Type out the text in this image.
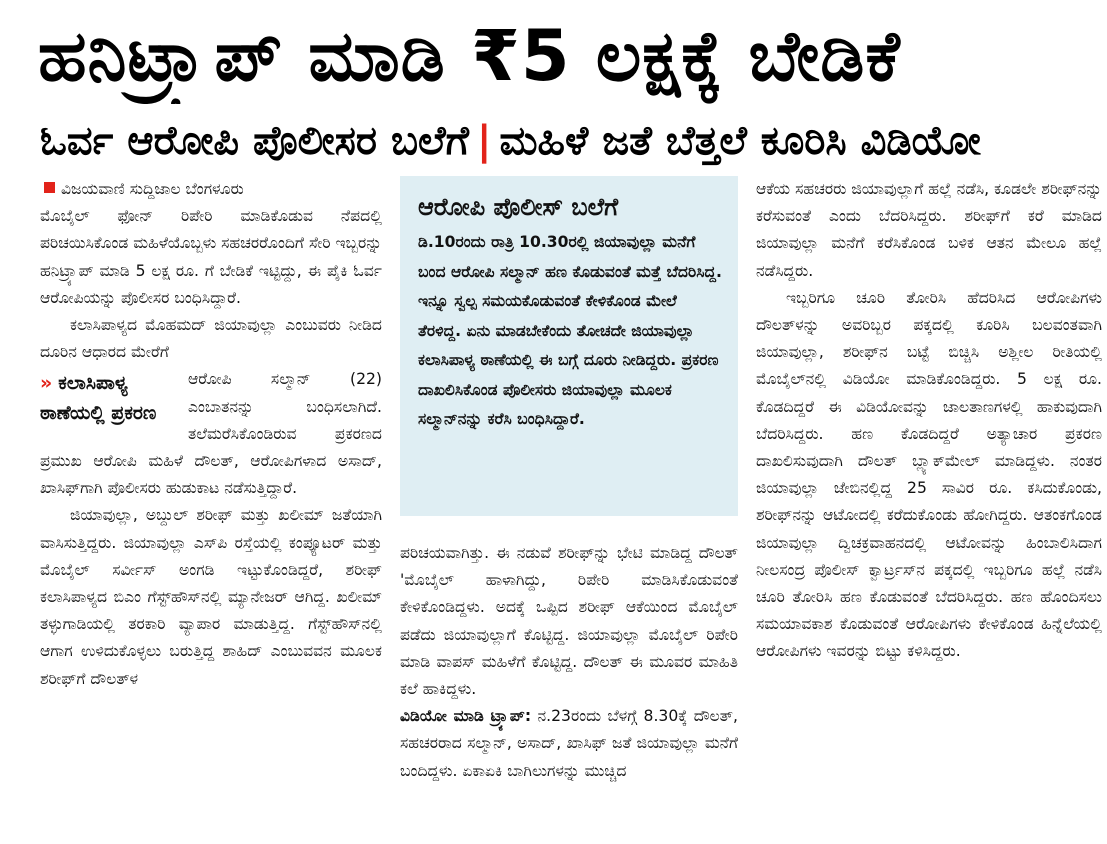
ಹನಿಟ್ರ್ಯಾಪ್ ಮಾಡಿ ₹5 ಲಕ್ಷಕ್ಕೆ ಬೇಡಿಕೆ
ಓರ್ವ ಆರೋಪಿ ಪೊಲೀಸರ ಬಲೆಗೆ | ಮಹಿಳೆ ಜತೆ ಬೆತ್ತಲೆ ಕೂರಿಸಿ ವಿಡಿಯೋ

ವಿಜಯವಾಣಿ ಸುದ್ದಿಜಾಲ ಬೆಂಗಳೂರು

ಮೊಬೈಲ್ ಫೋನ್ ರಿಪೇರಿ ಮಾಡಿಕೊಡುವ ನೆಪದಲ್ಲಿ ಪರಿಚಯಿಸಿಕೊಂಡ ಮಹಿಳೆಯೊಬ್ಬಳು ಸಹಚರರೊಂದಿಗೆ ಸೇರಿ ಇಬ್ಬರನ್ನು ಹನಿಟ್ರ್ಯಾಪ್ ಮಾಡಿ 5 ಲಕ್ಷ ರೂ. ಗೆ ಬೇಡಿಕೆ ಇಟ್ಟಿದ್ದು, ಈ ಪೈಕಿ ಓರ್ವ ಆರೋಪಿಯನ್ನು ಪೊಲೀಸರ ಬಂಧಿಸಿದ್ದಾರೆ.

ಕಲಾಸಿಪಾಳ್ಯದ ಮೊಹಮದ್ ಜಿಯಾವುಲ್ಲಾ ಎಂಬುವರು ನೀಡಿದ ದೂರಿನ ಆಧಾರದ ಮೇರೆಗೆ

» ಕಲಾಸಿಪಾಳ್ಯ ಠಾಣೆಯಲ್ಲಿ ಪ್ರಕರಣ

ಆರೋಪಿ ಸಲ್ಮಾನ್ (22) ಎಂಬಾತನನ್ನು ಬಂಧಿಸಲಾಗಿದೆ. ತಲೆಮರೆಸಿಕೊಂಡಿರುವ ಪ್ರಕರಣದ ಪ್ರಮುಖ ಆರೋಪಿ ಮಹಿಳೆ ದೌಲತ್, ಆರೋಪಿಗಳಾದ ಅಸಾದ್, ಖಾಸಿಫ್‌ಗಾಗಿ ಪೊಲೀಸರು ಹುಡುಕಾಟ ನಡೆಸುತ್ತಿದ್ದಾರೆ.

ಜಿಯಾವುಲ್ಲಾ, ಅಬ್ದುಲ್ ಶರೀಫ್ ಮತ್ತು ಖಲೀಮ್ ಜತೆಯಾಗಿ ವಾಸಿಸುತ್ತಿದ್ದರು. ಜಿಯಾವುಲ್ಲಾ ಎಸ್‌ಪಿ ರಸ್ತೆಯಲ್ಲಿ ಕಂಪ್ಯೂಟರ್ ಮತ್ತು ಮೊಬೈಲ್ ಸರ್ವೀಸ್ ಅಂಗಡಿ ಇಟ್ಟುಕೊಂಡಿದ್ದರೆ, ಶರೀಫ್ ಕಲಾಸಿಪಾಳ್ಯದ ಬಿಎಂ ಗೆಸ್ಟ್‌ಹೌಸ್‌ನಲ್ಲಿ ಮ್ಯಾನೇಜರ್ ಆಗಿದ್ದ. ಖಲೀಮ್ ತಳ್ಳುಗಾಡಿಯಲ್ಲಿ ತರಕಾರಿ ವ್ಯಾಪಾರ ಮಾಡುತ್ತಿದ್ದ. ಗೆಸ್ಟ್‌ಹೌಸ್‌ನಲ್ಲಿ ಆಗಾಗ ಉಳಿದುಕೊಳ್ಳಲು ಬರುತ್ತಿದ್ದ ಶಾಹಿದ್ ಎಂಬುವವನ ಮೂಲಕ ಶರೀಫ್‌ಗೆ ದೌಲತ್‌ಳ

ಆರೋಪಿ ಪೊಲೀಸ್ ಬಲೆಗೆ
ಡಿ.10ರಂದು ರಾತ್ರಿ 10.30ರಲ್ಲಿ ಜಿಯಾವುಲ್ಲಾ ಮನೆಗೆ ಬಂದ ಆರೋಪಿ ಸಲ್ಮಾನ್ ಹಣ ಕೊಡುವಂತೆ ಮತ್ತೆ ಬೆದರಿಸಿದ್ದ. ಇನ್ನೂ ಸ್ವಲ್ಪ ಸಮಯಕೊಡುವಂತೆ ಕೇಳಿಕೊಂಡ ಮೇಲೆ ತೆರಳಿದ್ದ. ಏನು ಮಾಡಬೇಕೆಂದು ತೋಚದೇ ಜಿಯಾವುಲ್ಲಾ ಕಲಾಸಿಪಾಳ್ಯ ಠಾಣೆಯಲ್ಲಿ ಈ ಬಗ್ಗೆ ದೂರು ನೀಡಿದ್ದರು. ಪ್ರಕರಣ ದಾಖಲಿಸಿಕೊಂಡ ಪೊಲೀಸರು ಜಿಯಾವುಲ್ಲಾ ಮೂಲಕ ಸಲ್ಮಾನ್‌ನನ್ನು ಕರೆಸಿ ಬಂಧಿಸಿದ್ದಾರೆ.

ಪರಿಚಯವಾಗಿತ್ತು. ಈ ನಡುವೆ ಶರೀಫ್‌ನ್ನು ಭೇಟಿ ಮಾಡಿದ್ದ ದೌಲತ್ 'ಮೊಬೈಲ್ ಹಾಳಾಗಿದ್ದು, ರಿಪೇರಿ ಮಾಡಿಸಿಕೊಡುವಂತೆ ಕೇಳಿಕೊಂಡಿದ್ದಳು. ಅದಕ್ಕೆ ಒಪ್ಪಿದ ಶರೀಫ್ ಆಕೆಯಿಂದ ಮೊಬೈಲ್ ಪಡೆದು ಜಿಯಾವುಲ್ಲಾಗೆ ಕೊಟ್ಟಿದ್ದ. ಜಿಯಾವುಲ್ಲಾ ಮೊಬೈಲ್ ರಿಪೇರಿ ಮಾಡಿ ವಾಪಸ್ ಮಹಿಳೆಗೆ ಕೊಟ್ಟಿದ್ದ. ದೌಲತ್ ಈ ಮೂವರ ಮಾಹಿತಿ ಕಲೆ ಹಾಕಿದ್ದಳು.

ವಿಡಿಯೋ ಮಾಡಿ ಟ್ರ್ಯಾಪ್: ನ.23ರಂದು ಬೆಳಗ್ಗೆ 8.30ಕ್ಕೆ ದೌಲತ್, ಸಹಚರರಾದ ಸಲ್ಮಾನ್, ಅಸಾದ್, ಖಾಸಿಫ್ ಜತೆ ಜಿಯಾವುಲ್ಲಾ ಮನೆಗೆ ಬಂದಿದ್ದಳು. ಏಕಾಏಕಿ ಬಾಗಿಲುಗಳನ್ನು ಮುಚ್ಚಿದ

ಆಕೆಯ ಸಹಚರರು ಜಿಯಾವುಲ್ಲಾಗೆ ಹಲ್ಲೆ ನಡೆಸಿ, ಕೂಡಲೇ ಶರೀಫ್‌ನನ್ನು ಕರೆಸುವಂತೆ ಎಂದು ಬೆದರಿಸಿದ್ದರು. ಶರೀಫ್‌ಗೆ ಕರೆ ಮಾಡಿದ ಜಿಯಾವುಲ್ಲಾ ಮನೆಗೆ ಕರೆಸಿಕೊಂಡ ಬಳಿಕ ಆತನ ಮೇಲೂ ಹಲ್ಲೆ ನಡೆಸಿದ್ದರು.

ಇಬ್ಬರಿಗೂ ಚೂರಿ ತೋರಿಸಿ ಹೆದರಿಸಿದ ಆರೋಪಿಗಳು ದೌಲತ್‌ಳನ್ನು ಅವರಿಬ್ಬರ ಪಕ್ಕದಲ್ಲಿ ಕೂರಿಸಿ ಬಲವಂತವಾಗಿ ಜಿಯಾವುಲ್ಲಾ, ಶರೀಫ್‌ನ ಬಟ್ಟೆ ಬಿಚ್ಚಿಸಿ ಅಶ್ಲೀಲ ರೀತಿಯಲ್ಲಿ ಮೊಬೈಲ್‌ನಲ್ಲಿ ವಿಡಿಯೋ ಮಾಡಿಕೊಂಡಿದ್ದರು. 5 ಲಕ್ಷ ರೂ. ಕೊಡದಿದ್ದರೆ ಈ ವಿಡಿಯೋವನ್ನು ಜಾಲತಾಣಗಳಲ್ಲಿ ಹಾಕುವುದಾಗಿ ಬೆದರಿಸಿದ್ದರು. ಹಣ ಕೊಡದಿದ್ದರೆ ಅತ್ಯಾಚಾರ ಪ್ರಕರಣ ದಾಖಲಿಸುವುದಾಗಿ ದೌಲತ್ ಬ್ಲ್ಯಾಕ್‌ಮೇಲ್ ಮಾಡಿದ್ದಳು. ನಂತರ ಜಿಯಾವುಲ್ಲಾ ಜೇಬಿನಲ್ಲಿದ್ದ 25 ಸಾವಿರ ರೂ. ಕಸಿದುಕೊಂಡು, ಶರೀಫ್‌ನನ್ನು ಆಟೋದಲ್ಲಿ ಕರೆದುಕೊಂಡು ಹೋಗಿದ್ದರು. ಆತಂಕಗೊಂಡ ಜಿಯಾವುಲ್ಲಾ ದ್ವಿಚಕ್ರವಾಹನದಲ್ಲಿ ಆಟೋವನ್ನು ಹಿಂಬಾಲಿಸಿದಾಗ ನೀಲಸಂದ್ರ ಪೊಲೀಸ್ ಕ್ವಾರ್ಟ್ರಸ್‌ನ ಪಕ್ಕದಲ್ಲಿ ಇಬ್ಬರಿಗೂ ಹಲ್ಲೆ ನಡೆಸಿ ಚೂರಿ ತೋರಿಸಿ ಹಣ ಕೊಡುವಂತೆ ಬೆದರಿಸಿದ್ದರು. ಹಣ ಹೊಂದಿಸಲು ಸಮಯಾವಕಾಶ ಕೊಡುವಂತೆ ಆರೋಪಿಗಳು ಕೇಳಿಕೊಂಡ ಹಿನ್ನೆಲೆಯಲ್ಲಿ ಆರೋಪಿಗಳು ಇವರನ್ನು ಬಿಟ್ಟು ಕಳಿಸಿದ್ದರು.
